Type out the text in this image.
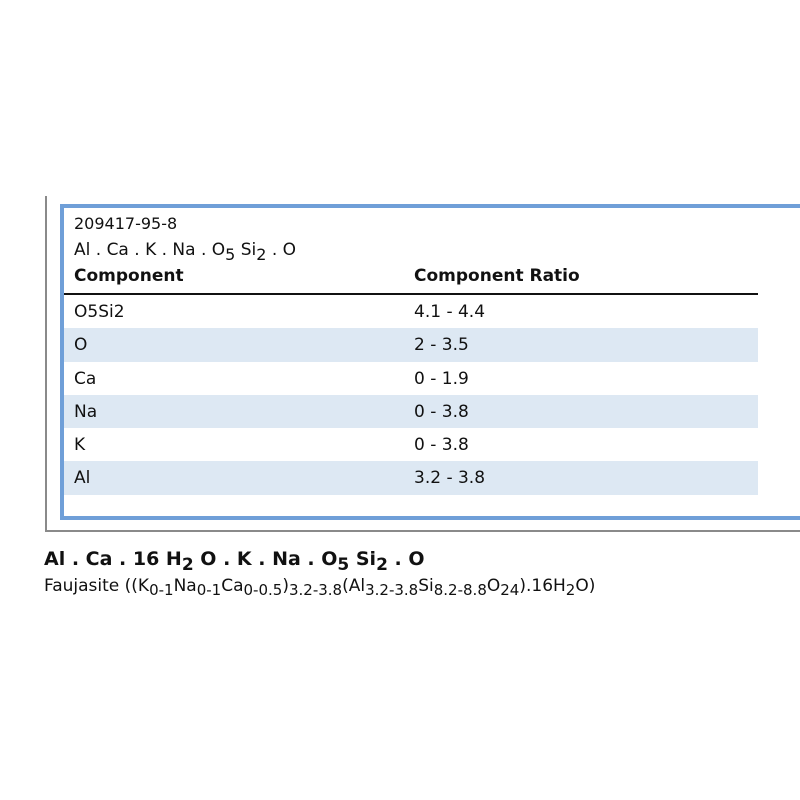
209417-95-8
Al . Ca . K . Na . $O_5$ $Si_2$ . O
Component	Component Ratio
O5Si2	4.1 - 4.4
O	2 - 3.5
Ca	0 - 1.9
Na	0 - 3.8
K	0 - 3.8
Al	3.2 - 3.8
Al . Ca . 16 $H_2$ O . K . Na . $O_5$ $Si_2$ . O
Faujasite $((K_{0-1}Na_{0-1}Ca_{0-0.5})_{3.2-3.8}(Al_{3.2-3.8}Si_{8.2-8.8}O_{24}).16H_2O)$
